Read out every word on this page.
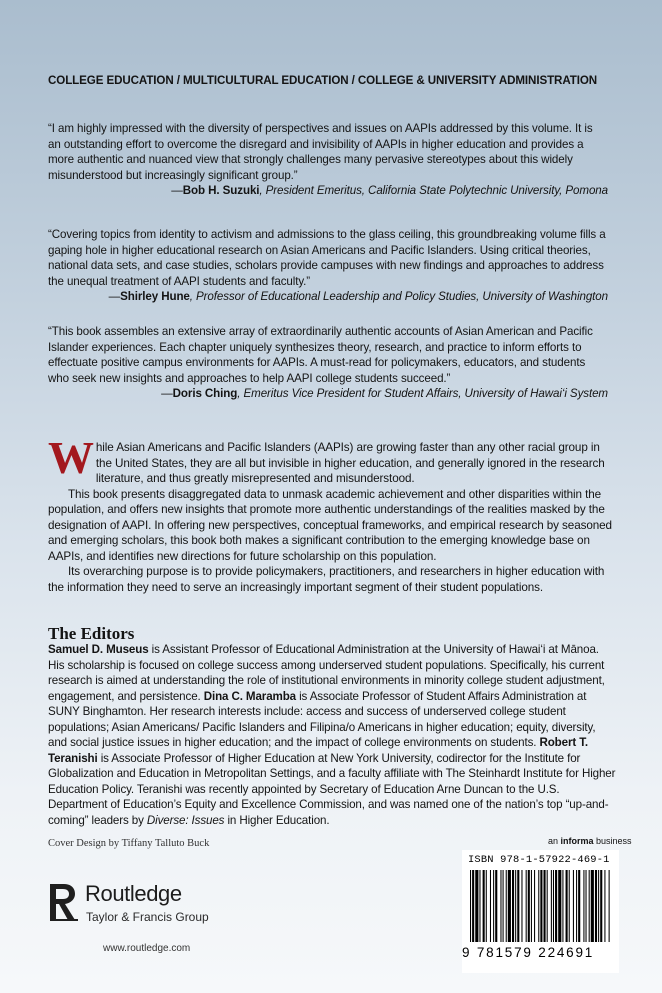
COLLEGE EDUCATION / MULTICULTURAL EDUCATION / COLLEGE & UNIVERSITY ADMINISTRATION
“I am highly impressed with the diversity of perspectives and issues on AAPIs addressed by this volume. It is an outstanding effort to overcome the disregard and invisibility of AAPIs in higher education and provides a more authentic and nuanced view that strongly challenges many pervasive stereotypes about this widely misunderstood but increasingly significant group.”
—Bob H. Suzuki, President Emeritus, California State Polytechnic University, Pomona
“Covering topics from identity to activism and admissions to the glass ceiling, this groundbreaking volume fills a gaping hole in higher educational research on Asian Americans and Pacific Islanders. Using critical theories, national data sets, and case studies, scholars provide campuses with new findings and approaches to address the unequal treatment of AAPI students and faculty.”
—Shirley Hune, Professor of Educational Leadership and Policy Studies, University of Washington
“This book assembles an extensive array of extraordinarily authentic accounts of Asian American and Pacific Islander experiences. Each chapter uniquely synthesizes theory, research, and practice to inform efforts to effectuate positive campus environments for AAPIs. A must-read for policymakers, educators, and students who seek new insights and approaches to help AAPI college students succeed.”
—Doris Ching, Emeritus Vice President for Student Affairs, University of Hawai‘i System

While Asian Americans and Pacific Islanders (AAPIs) are growing faster than any other racial group in the United States, they are all but invisible in higher education, and generally ignored in the research literature, and thus greatly misrepresented and misunderstood.

This book presents disaggregated data to unmask academic achievement and other disparities within the population, and offers new insights that promote more authentic understandings of the realities masked by the designation of AAPI. In offering new perspectives, conceptual frameworks, and empirical research by seasoned and emerging scholars, this book both makes a significant contribution to the emerging knowledge base on AAPIs, and identifies new directions for future scholarship on this population.

Its overarching purpose is to provide policymakers, practitioners, and researchers in higher education with the information they need to serve an increasingly important segment of their student populations.

The Editors
Samuel D. Museus is Assistant Professor of Educational Administration at the University of Hawai‘i at Mānoa. His scholarship is focused on college success among underserved student populations. Specifically, his current research is aimed at understanding the role of institutional environments in minority college student adjustment, engagement, and persistence. Dina C. Maramba is Associate Professor of Student Affairs Administration at SUNY Binghamton. Her research interests include: access and success of underserved college student populations; Asian Americans/ Pacific Islanders and Filipina/o Americans in higher education; equity, diversity, and social justice issues in higher education; and the impact of college environments on students. Robert T. Teranishi is Associate Professor of Higher Education at New York University, codirector for the Institute for Globalization and Education in Metropolitan Settings, and a faculty affiliate with The Steinhardt Institute for Higher Education Policy. Teranishi was recently appointed by Secretary of Education Arne Duncan to the U.S. Department of Education’s Equity and Excellence Commission, and was named one of the nation’s top “up-and-coming” leaders by Diverse: Issues in Higher Education.
Cover Design by Tiffany Talluto Buck
Routledge
Taylor & Francis Group
www.routledge.com
an informa business
ISBN 978-1-57922-469-1
9 781579 224691
